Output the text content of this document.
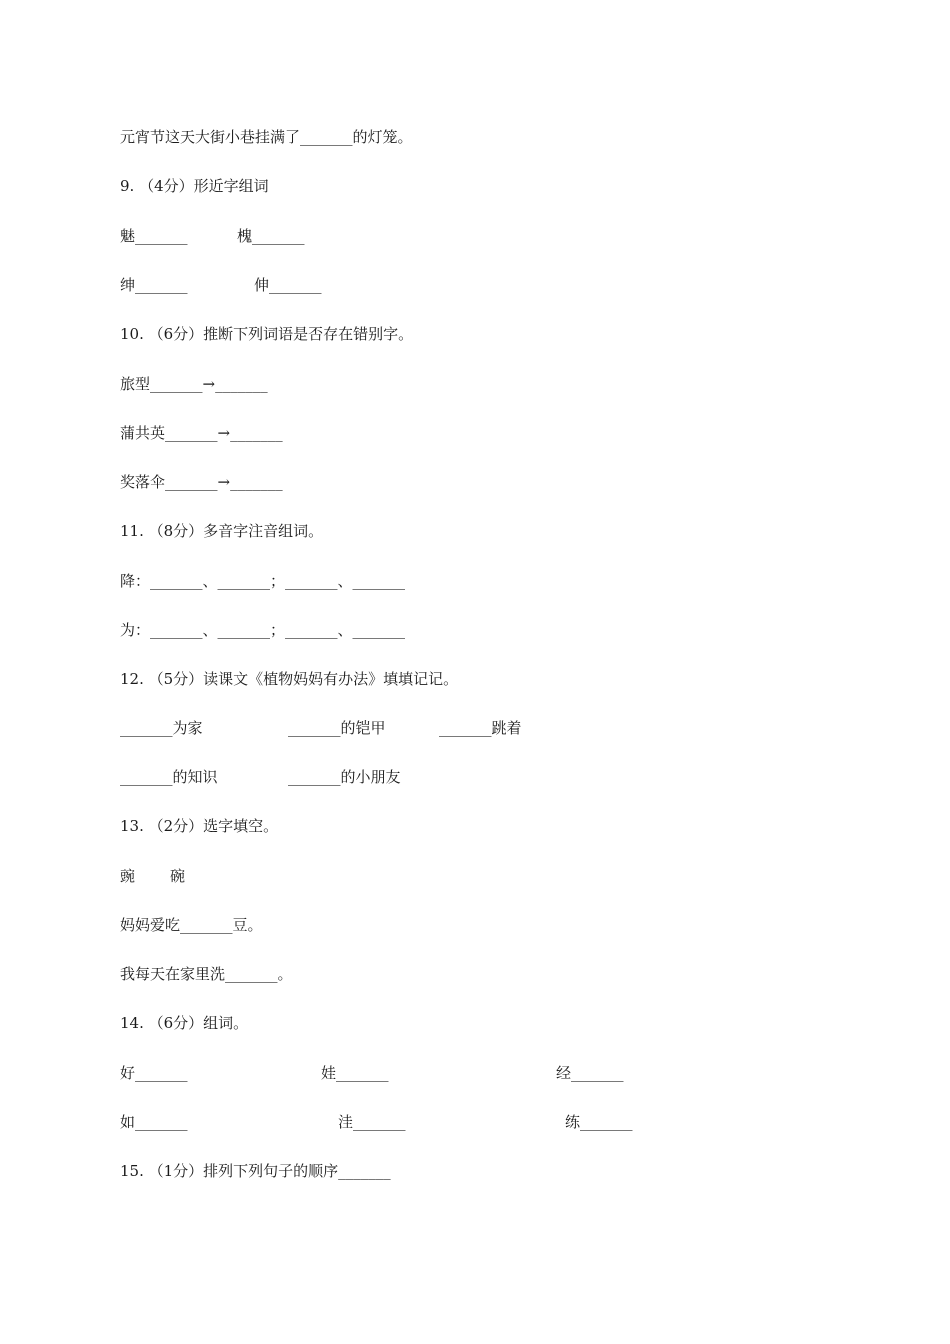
元宵节这天大街小巷挂满了_______的灯笼。
9. （4分）形近字组词
魅_______	槐_______
绅_______	伸_______
10. （6分）推断下列词语是否存在错别字。
旅型_______→_______
蒲共英_______→_______
奖落伞_______→_______
11. （8分）多音字注音组词。
降：_______、_______；_______、_______
为：_______、_______；_______、_______
12. （5分）读课文《植物妈妈有办法》填填记记。
_______为家	_______的铠甲	_______跳着
_______的知识	_______的小朋友
13. （2分）选字填空。
豌 碗
妈妈爱吃_______豆。
我每天在家里洗_______。
14. （6分）组词。
好_______	娃_______	经_______
如_______	洼_______	练_______
15. （1分）排列下列句子的顺序_______
